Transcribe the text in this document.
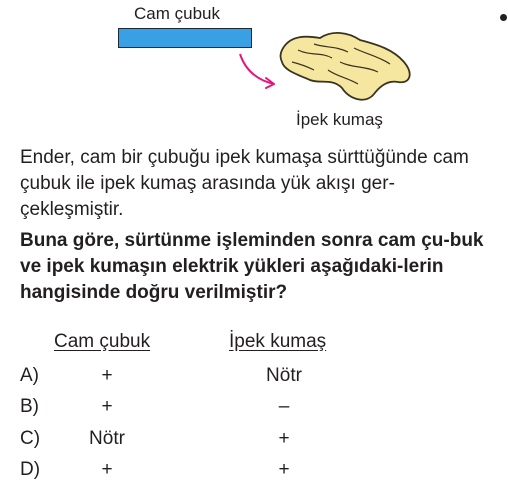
Cam çubuk
İpek kumaş
Ender, cam bir çubuğu ipek kumaşa sürttüğünde cam çubuk ile ipek kumaş arasında yük akışı ger-çekleşmiştir.
Buna göre, sürtünme işleminden sonra cam çu-buk ve ipek kumaşın elektrik yükleri aşağıdaki-lerin hangisinde doğru verilmiştir?
Cam çubuk	İpek kumaş
A)	+	Nötr
B)	+	–
C)	Nötr	+
D)	+	+
